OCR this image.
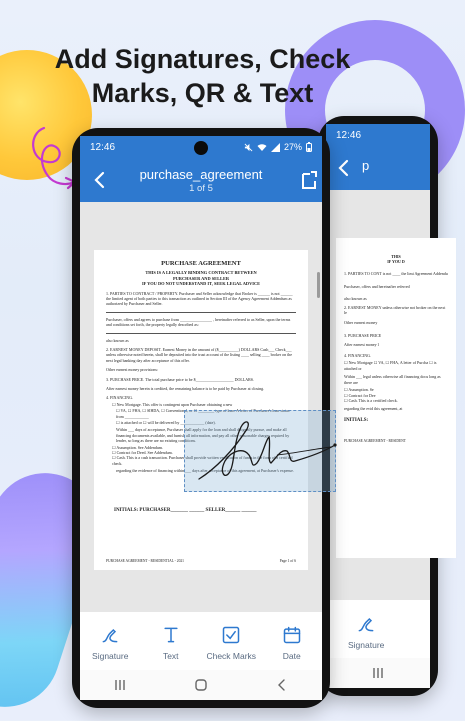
Add Signatures, Check
Marks, QR & Text
12:46
p
THIS
IF YOU D
1. PARTIES TO CONT is not ____ the limi Agreement Addendu
Purchaser, offers and hereinafter referred
also known as
2. EARNEST MONEY unless otherwise not broker on the next le
Other earnest money
3. PURCHASE PRICE
After earnest money l
4. FINANCING.
☐ New Mortgage ☐ VA, ☐ FHA, A letter of Purcha ☐ is attached or
Within ___ legal unless otherwise all financing docu long as there are
☐ Assumption. Se
☐ Contract for Dee
☐ Cash. This is a certified check.
regarding the evid this agreement, at
INITIALS:
PURCHASE AGREEMENT - RESIDENT
Signature
12:46	27%
purchase_agreement
1 of 5
PURCHASE AGREEMENT
THIS IS A LEGALLY BINDING CONTRACT BETWEEN
PURCHASER AND SELLER
IF YOU DO NOT UNDERSTAND IT, SEEK LEGAL ADVICE
1. PARTIES TO CONTRACT / PROPERTY. Purchaser and Seller acknowledge that Broker is ______ is not ______ the limited agent of both parties to this transaction as outlined in Section III of the Agency Agreement Addendum as authorized by Purchaser and Seller.
Purchaser, offers and agrees to purchase from ________________ , hereinafter referred to as Seller, upon the terms and conditions set forth, the property legally described as:
also known as
2. EARNEST MONEY DEPOSIT. Earnest Money in the amount of ($__________) DOLLARS Cash___ Check___ unless otherwise noted herein, shall be deposited into the trust account of the listing ____ selling ____ broker on the next legal banking day after acceptance of this offer.
Other earnest money provisions:
3. PURCHASE PRICE. The total purchase price to be $___________________ DOLLARS.
After earnest money herein is credited, the remaining balance is to be paid by Purchaser at closing.
4. FINANCING.
☐ New Mortgage. This offer is contingent upon Purchaser obtaining a new
☐ VA, ☐ FHA, ☐ SIHDA, ☐ Conventional, or ☐ ________ type of loan. A letter of Purchaser's loan status from ____________
☐ is attached or ☐ will be delivered by ____________ (date).
Within ___ days of acceptance, Purchaser shall apply for the loan and shall diligently pursue, and make all financing documents available, and furnish all information, and pay all other reasonable charges required by lender, so long as there are no existing conditions.
☐ Assumption. See Addendum.
☐ Contract for Deed. See Addendum.
☐ Cash. This is a cash transaction. Purchaser shall provide written verification of funds in the form of a certified check.
regarding the evidence of financing within ___ days after acceptance of this agreement, at Purchaser's expense.
PURCHASE AGREEMENT - RESIDENTIAL - 2021	Page 1 of 6
INITIALS: PURCHASER_______ ______ SELLER______ ______
Signature	Text	Check Marks	Date
